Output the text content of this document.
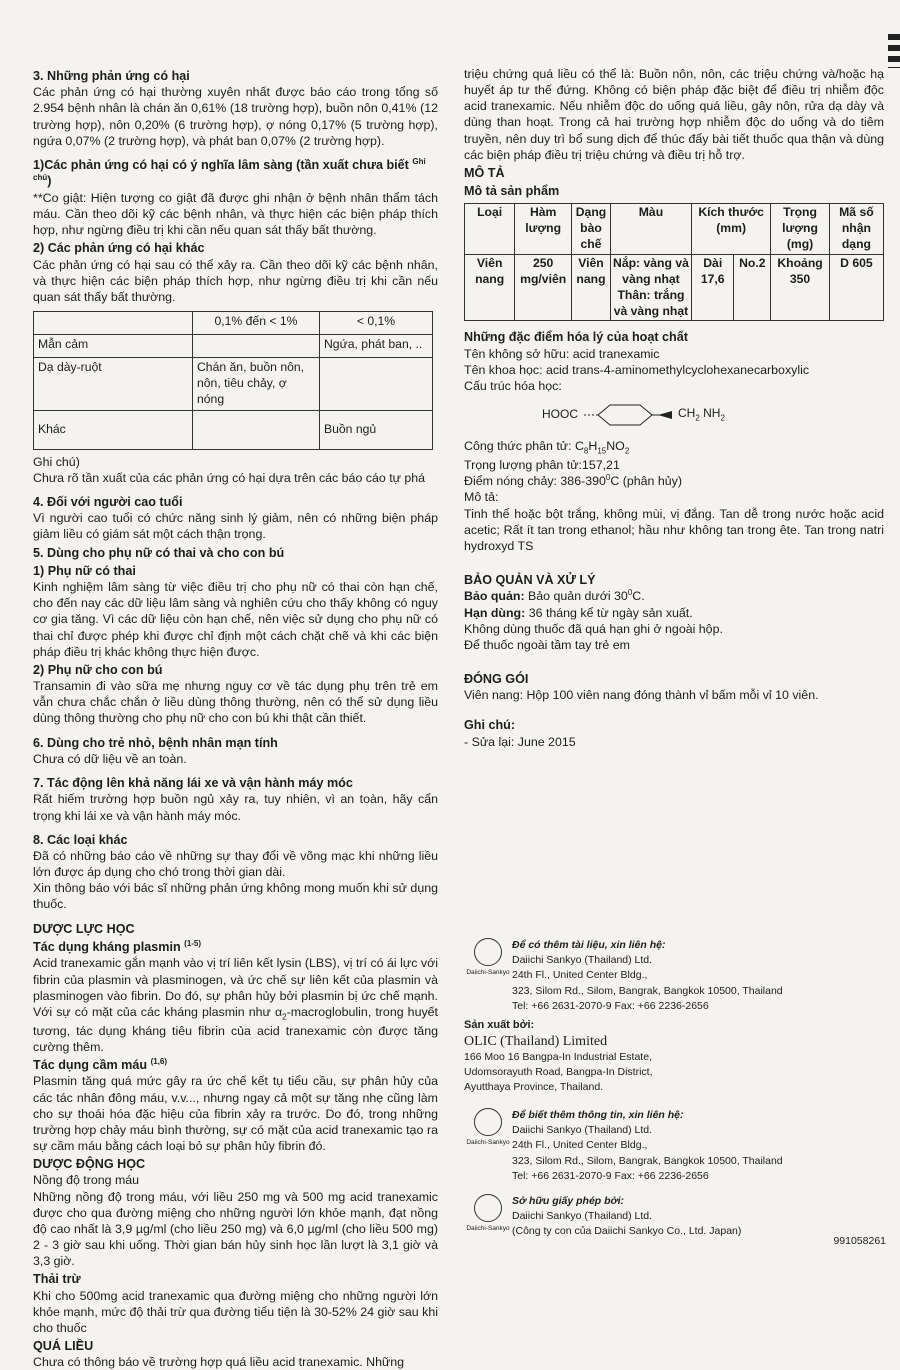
3. Những phản ứng có hại

Các phản ứng có hại thường xuyên nhất được báo cáo trong tổng số 2.954 bệnh nhân là chán ăn 0,61% (18 trường hợp), buồn nôn 0,41% (12 trường hợp), nôn 0,20% (6 trường hợp), ợ nóng 0,17% (5 trường hợp), ngứa 0,07% (2 trường hợp), và phát ban 0,07% (2 trường hợp).

1)Các phản ứng có hại có ý nghĩa lâm sàng (tần xuất chưa biết $^{Ghi chú}$)

**Co giật: Hiện tượng co giật đã được ghi nhận ở bệnh nhân thẩm tách máu. Cần theo dõi kỹ các bệnh nhân, và thực hiện các biện pháp thích hợp, như ngừng điều trị khi cần nếu quan sát thấy bất thường.

2) Các phản ứng có hại khác

Các phản ứng có hại sau có thể xảy ra. Cần theo dõi kỹ các bệnh nhân, và thực hiện các biện pháp thích hợp, như ngừng điều trị khi cần nếu quan sát thấy bất thường.

	0,1% đến < 1%	< 0,1%
Mẫn cảm		Ngứa, phát ban, ..
Dạ dày-ruột	Chán ăn, buồn nôn, nôn, tiêu chảy, ợ nóng	
Khác		Buồn ngủ

Ghi chú)

Chưa rõ tần xuất của các phản ứng có hại dựa trên các báo cáo tự phá

4. Đối với người cao tuổi

Vì người cao tuổi có chức năng sinh lý giảm, nên có những biện pháp giảm liều có giám sát một cách thận trọng.

5. Dùng cho phụ nữ có thai và cho con bú
1) Phụ nữ có thai

Kinh nghiệm lâm sàng từ việc điều trị cho phụ nữ có thai còn hạn chế, cho đến nay các dữ liệu lâm sàng và nghiên cứu cho thấy không có nguy cơ gia tăng. Vì các dữ liệu còn hạn chế, nên việc sử dụng cho phụ nữ có thai chỉ được phép khi được chỉ định một cách chặt chẽ và khi các biện pháp điều trị khác không thực hiện được.

2) Phụ nữ cho con bú

Transamin đi vào sữa mẹ nhưng nguy cơ về tác dụng phụ trên trẻ em vẫn chưa chắc chắn ở liều dùng thông thường, nên có thể sử dụng liều dùng thông thường cho phụ nữ cho con bú khi thật cần thiết.

6. Dùng cho trẻ nhỏ, bệnh nhân mạn tính

Chưa có dữ liệu về an toàn.

7. Tác động lên khả năng lái xe và vận hành máy móc

Rất hiếm trường hợp buồn ngủ xảy ra, tuy nhiên, vì an toàn, hãy cẩn trọng khi lái xe và vận hành máy móc.

8. Các loại khác

Đã có những báo cáo về những sự thay đổi về võng mạc khi những liều lớn được áp dụng cho chó trong thời gian dài.

Xin thông báo với bác sĩ những phản ứng không mong muốn khi sử dụng thuốc.

DƯỢC LỰC HỌC
Tác dụng kháng plasmin $^{(1-5)}$

Acid tranexamic gắn mạnh vào vị trí liên kết lysin (LBS), vị trí có ái lực với fibrin của plasmin và plasminogen, và ức chế sự liên kết của plasmin và plasminogen vào fibrin. Do đó, sự phân hủy bởi plasmin bị ức chế mạnh. Với sự có mặt của các kháng plasmin như $\alpha_2$-macroglobulin, trong huyết tương, tác dụng kháng tiêu fibrin của acid tranexamic còn được tăng cường thêm.

Tác dụng cầm máu $^{(1,6)}$

Plasmin tăng quá mức gây ra ức chế kết tụ tiểu cầu, sự phân hủy của các tác nhân đông máu, v.v..., nhưng ngay cả một sự tăng nhẹ cũng làm cho sự thoái hóa đặc hiệu của fibrin xảy ra trước. Do đó, trong những trường hợp chảy máu bình thường, sự có mặt của acid tranexamic tạo ra sự cầm máu bằng cách loại bỏ sự phân hủy fibrin đó.

DƯỢC ĐỘNG HỌC

Nồng độ trong máu

Những nồng độ trong máu, với liều 250 mg và 500 mg acid tranexamic được cho qua đường miệng cho những người lớn khỏe mạnh, đạt nồng độ cao nhất là 3,9 µg/ml (cho liều 250 mg) và 6,0 µg/ml (cho liều 500 mg) 2 - 3 giờ sau khi uống. Thời gian bán hủy sinh học lần lượt là 3,1 giờ và 3,3 giờ.

Thải trừ

Khi cho 500mg acid tranexamic qua đường miệng cho những người lớn khỏe mạnh, mức độ thải trừ qua đường tiểu tiện là 30-52% 24 giờ sau khi cho thuốc

QUÁ LIỀU

Chưa có thông báo về trường hợp quá liều acid tranexamic. Những

triệu chứng quá liều có thể là: Buồn nôn, nôn, các triệu chứng và/hoặc hạ huyết áp tư thế đứng. Không có biện pháp đặc biệt để điều trị nhiễm độc acid tranexamic. Nếu nhiễm độc do uống quá liều, gây nôn, rửa dạ dày và dùng than hoạt. Trong cả hai trường hợp nhiễm độc do uống và do tiêm truyền, nên duy trì bổ sung dịch để thúc đẩy bài tiết thuốc qua thận và dùng các biện pháp điều trị triệu chứng và điều trị hỗ trợ.

MÔ TẢ
Mô tả sản phẩm
Loại	Hàm lượng	Dạng bào chế	Màu	Kích thước (mm)		Trọng lượng (mg)	Mã số nhận dạng
Viên nang	250 mg/viên	Viên nang	Nắp: vàng và vàng nhạt Thân: trắng và vàng nhạt	Dài 17,6	No.2	Khoảng 350	D 605
Những đặc điểm hóa lý của hoạt chất

Tên không sở hữu: acid tranexamic

Tên khoa học: acid trans-4-aminomethylcyclohexanecarboxylic

Cấu trúc hóa học:

HOOC	$CH_2$ $NH_2$

Công thức phân tử: $C_8H_{15}NO_2$

Trọng lượng phân tử:157,21

Điểm nóng chảy: $386-390^0C$ (phân hủy)

Mô tả:

Tinh thể hoặc bột trắng, không mùi, vị đắng. Tan dễ trong nước hoặc acid acetic; Rất ít tan trong ethanol; hầu như không tan trong ête. Tan trong natri hydroxyd TS

BẢO QUẢN VÀ XỬ LÝ

Bảo quản: Bảo quản dưới $30^0C$.

Hạn dùng: 36 tháng kể từ ngày sản xuất.

Không dùng thuốc đã quá hạn ghi ở ngoài hộp.

Để thuốc ngoài tầm tay trẻ em

ĐÓNG GÓI

Viên nang: Hộp 100 viên nang đóng thành vỉ bấm mỗi vỉ 10 viên.

Ghi chú:

- Sửa lại: June 2015

Daiichi-Sankyo
Để có thêm tài liệu, xin liên hệ:
Daiichi Sankyo (Thailand) Ltd.
24th Fl., United Center Bldg.,
323, Silom Rd., Silom, Bangrak, Bangkok 10500, Thailand
Tel: +66 2631-2070-9 Fax: +66 2236-2656
Sản xuất bởi:
OLIC (Thailand) Limited
166 Moo 16 Bangpa-In Industrial Estate,
Udomsorayuth Road, Bangpa-In District,
Ayutthaya Province, Thailand.
Daiichi-Sankyo
Để biết thêm thông tin, xin liên hệ:
Daiichi Sankyo (Thailand) Ltd.
24th Fl., United Center Bldg.,
323, Silom Rd., Silom, Bangrak, Bangkok 10500, Thailand
Tel: +66 2631-2070-9 Fax: +66 2236-2656
Daiichi-Sankyo
Sở hữu giấy phép bởi:
Daiichi Sankyo (Thailand) Ltd.
(Công ty con của Daiichi Sankyo Co., Ltd. Japan)
991058261
